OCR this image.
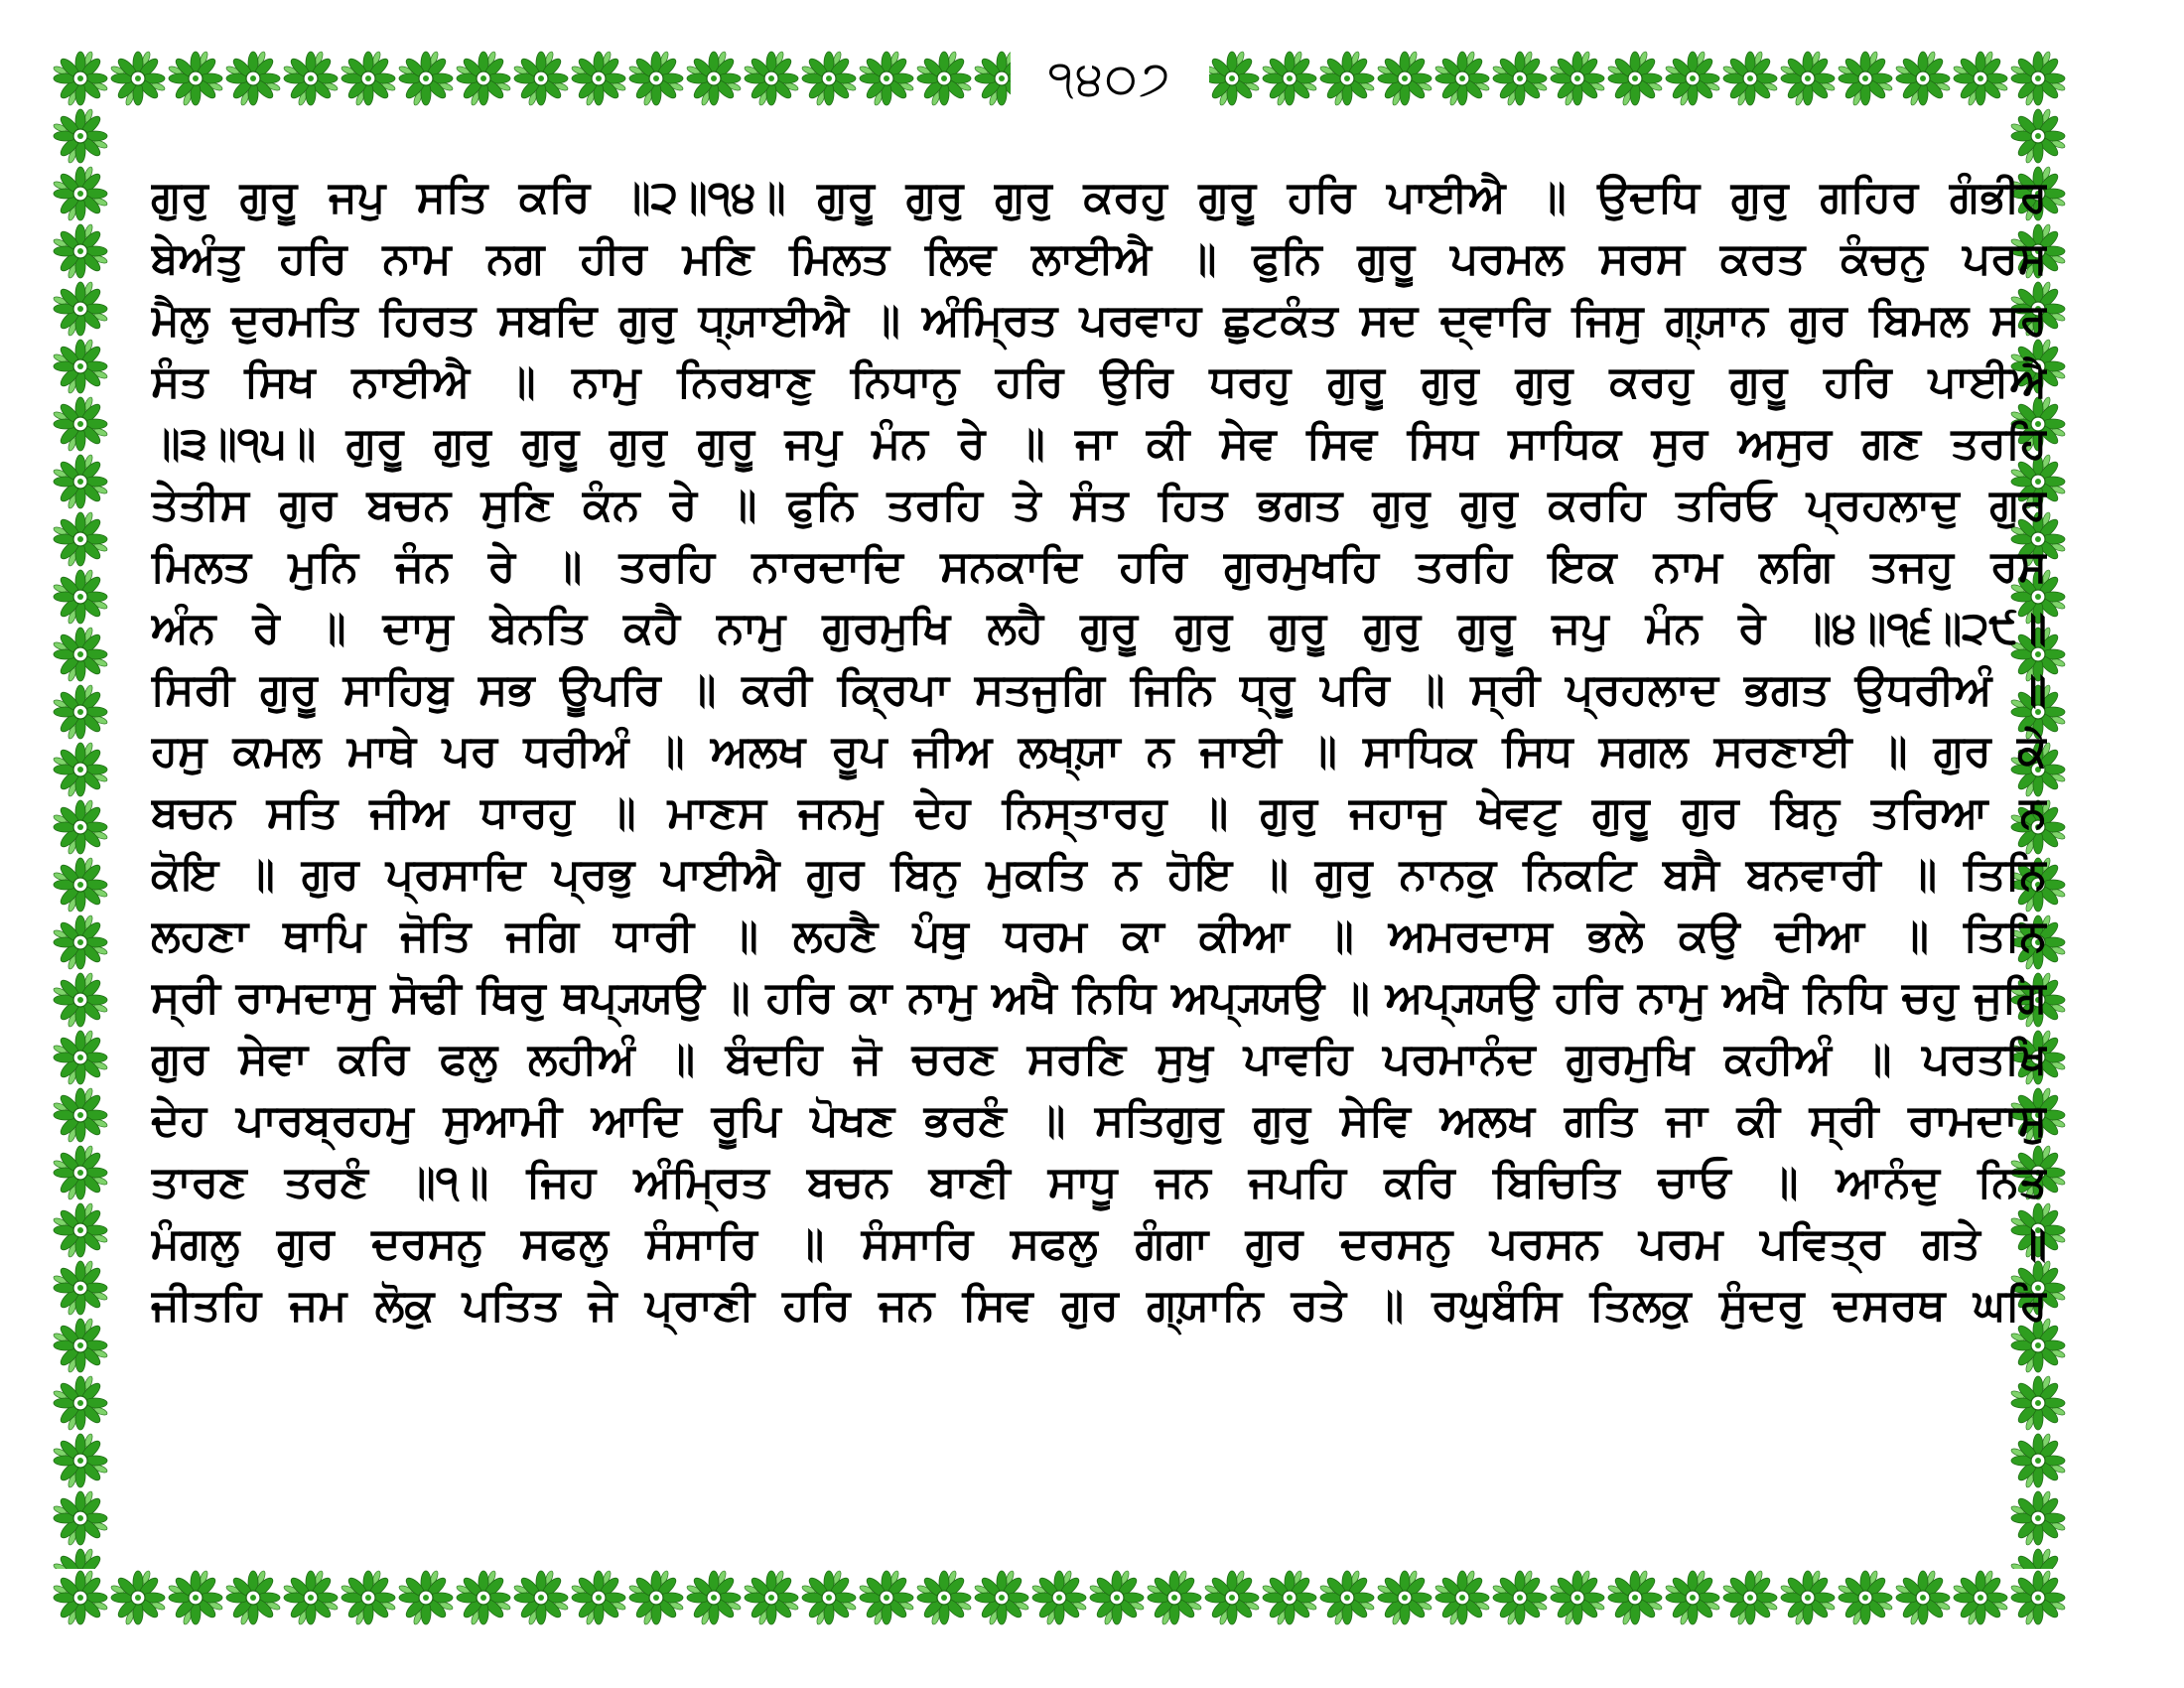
੧੪੦੭
ਗੁਰੁ ਗੁਰੂ ਜਪੁ ਸਤਿ ਕਰਿ ॥੨॥੧੪॥ ਗੁਰੂ ਗੁਰੁ ਗੁਰੁ ਕਰਹੁ ਗੁਰੂ ਹਰਿ ਪਾਈਐ ॥ ਉਦਧਿ ਗੁਰੁ ਗਹਿਰ ਗੰਭੀਰ
ਬੇਅੰਤੁ ਹਰਿ ਨਾਮ ਨਗ ਹੀਰ ਮਣਿ ਮਿਲਤ ਲਿਵ ਲਾਈਐ ॥ ਫੁਨਿ ਗੁਰੂ ਪਰਮਲ ਸਰਸ ਕਰਤ ਕੰਚਨੁ ਪਰਸ
ਮੈਲੁ ਦੁਰਮਤਿ ਹਿਰਤ ਸਬਦਿ ਗੁਰੁ ਧ੍ਯ਼ਾਈਐ ॥ ਅੰਮ੍ਰਿਤ ਪਰਵਾਹ ਛੁਟਕੰਤ ਸਦ ਦ੍ਵਾਰਿ ਜਿਸੁ ਗ੍ਯ਼ਾਨ ਗੁਰ ਬਿਮਲ ਸਰ
ਸੰਤ ਸਿਖ ਨਾਈਐ ॥ ਨਾਮੁ ਨਿਰਬਾਣੁ ਨਿਧਾਨੁ ਹਰਿ ਉਰਿ ਧਰਹੁ ਗੁਰੂ ਗੁਰੁ ਗੁਰੁ ਕਰਹੁ ਗੁਰੂ ਹਰਿ ਪਾਈਐ
॥੩॥੧੫॥ ਗੁਰੂ ਗੁਰੁ ਗੁਰੂ ਗੁਰੁ ਗੁਰੂ ਜਪੁ ਮੰਨ ਰੇ ॥ ਜਾ ਕੀ ਸੇਵ ਸਿਵ ਸਿਧ ਸਾਧਿਕ ਸੁਰ ਅਸੁਰ ਗਣ ਤਰਹਿ
ਤੇਤੀਸ ਗੁਰ ਬਚਨ ਸੁਣਿ ਕੰਨ ਰੇ ॥ ਫੁਨਿ ਤਰਹਿ ਤੇ ਸੰਤ ਹਿਤ ਭਗਤ ਗੁਰੁ ਗੁਰੁ ਕਰਹਿ ਤਰਿਓ ਪ੍ਰਹਲਾਦੁ ਗੁਰ
ਮਿਲਤ ਮੁਨਿ ਜੰਨ ਰੇ ॥ ਤਰਹਿ ਨਾਰਦਾਦਿ ਸਨਕਾਦਿ ਹਰਿ ਗੁਰਮੁਖਹਿ ਤਰਹਿ ਇਕ ਨਾਮ ਲਗਿ ਤਜਹੁ ਰਸ
ਅੰਨ ਰੇ ॥ ਦਾਸੁ ਬੇਨਤਿ ਕਹੈ ਨਾਮੁ ਗੁਰਮੁਖਿ ਲਹੈ ਗੁਰੂ ਗੁਰੁ ਗੁਰੂ ਗੁਰੁ ਗੁਰੂ ਜਪੁ ਮੰਨ ਰੇ ॥੪॥੧੬॥੨੯॥
ਸਿਰੀ ਗੁਰੂ ਸਾਹਿਬੁ ਸਭ ਊਪਰਿ ॥ ਕਰੀ ਕ੍ਰਿਪਾ ਸਤਜੁਗਿ ਜਿਨਿ ਧ੍ਰੂ ਪਰਿ ॥ ਸ੍ਰੀ ਪ੍ਰਹਲਾਦ ਭਗਤ ਉਧਰੀਅੰ ॥
ਹਸੁ ਕਮਲ ਮਾਥੇ ਪਰ ਧਰੀਅੰ ॥ ਅਲਖ ਰੂਪ ਜੀਅ ਲਖ੍ਯ਼ਾ ਨ ਜਾਈ ॥ ਸਾਧਿਕ ਸਿਧ ਸਗਲ ਸਰਣਾਈ ॥ ਗੁਰ ਕੇ
ਬਚਨ ਸਤਿ ਜੀਅ ਧਾਰਹੁ ॥ ਮਾਣਸ ਜਨਮੁ ਦੇਹ ਨਿਸ੍ਤਾਰਹੁ ॥ ਗੁਰੁ ਜਹਾਜੁ ਖੇਵਟੁ ਗੁਰੂ ਗੁਰ ਬਿਨੁ ਤਰਿਆ ਨ
ਕੋਇ ॥ ਗੁਰ ਪ੍ਰਸਾਦਿ ਪ੍ਰਭੁ ਪਾਈਐ ਗੁਰ ਬਿਨੁ ਮੁਕਤਿ ਨ ਹੋਇ ॥ ਗੁਰੁ ਨਾਨਕੁ ਨਿਕਟਿ ਬਸੈ ਬਨਵਾਰੀ ॥ ਤਿਨਿ
ਲਹਣਾ ਥਾਪਿ ਜੋਤਿ ਜਗਿ ਧਾਰੀ ॥ ਲਹਣੈ ਪੰਥੁ ਧਰਮ ਕਾ ਕੀਆ ॥ ਅਮਰਦਾਸ ਭਲੇ ਕਉ ਦੀਆ ॥ ਤਿਨਿ
ਸ੍ਰੀ ਰਾਮਦਾਸੁ ਸੋਢੀ ਥਿਰੁ ਥਪ੍ਯ੍ਯਉ ॥ ਹਰਿ ਕਾ ਨਾਮੁ ਅਖੈ ਨਿਧਿ ਅਪ੍ਯ੍ਯਉ ॥ ਅਪ੍ਯ੍ਯਉ ਹਰਿ ਨਾਮੁ ਅਖੈ ਨਿਧਿ ਚਹੁ ਜੁਗਿ
ਗੁਰ ਸੇਵਾ ਕਰਿ ਫਲੁ ਲਹੀਅੰ ॥ ਬੰਦਹਿ ਜੋ ਚਰਣ ਸਰਣਿ ਸੁਖੁ ਪਾਵਹਿ ਪਰਮਾਨੰਦ ਗੁਰਮੁਖਿ ਕਹੀਅੰ ॥ ਪਰਤਖਿ
ਦੇਹ ਪਾਰਬ੍ਰਹਮੁ ਸੁਆਮੀ ਆਦਿ ਰੂਪਿ ਪੋਖਣ ਭਰਣੰ ॥ ਸਤਿਗੁਰੁ ਗੁਰੁ ਸੇਵਿ ਅਲਖ ਗਤਿ ਜਾ ਕੀ ਸ੍ਰੀ ਰਾਮਦਾਸੁ
ਤਾਰਣ ਤਰਣੰ ॥੧॥ ਜਿਹ ਅੰਮ੍ਰਿਤ ਬਚਨ ਬਾਣੀ ਸਾਧੂ ਜਨ ਜਪਹਿ ਕਰਿ ਬਿਚਿਤਿ ਚਾਓ ॥ ਆਨੰਦੁ ਨਿਤ
ਮੰਗਲੁ ਗੁਰ ਦਰਸਨੁ ਸਫਲੁ ਸੰਸਾਰਿ ॥ ਸੰਸਾਰਿ ਸਫਲੁ ਗੰਗਾ ਗੁਰ ਦਰਸਨੁ ਪਰਸਨ ਪਰਮ ਪਵਿਤ੍ਰ ਗਤੇ ॥
ਜੀਤਹਿ ਜਮ ਲੋਕੁ ਪਤਿਤ ਜੇ ਪ੍ਰਾਣੀ ਹਰਿ ਜਨ ਸਿਵ ਗੁਰ ਗ੍ਯ਼ਾਨਿ ਰਤੇ ॥ ਰਘੁਬੰਸਿ ਤਿਲਕੁ ਸੁੰਦਰੁ ਦਸਰਥ ਘਰਿ
